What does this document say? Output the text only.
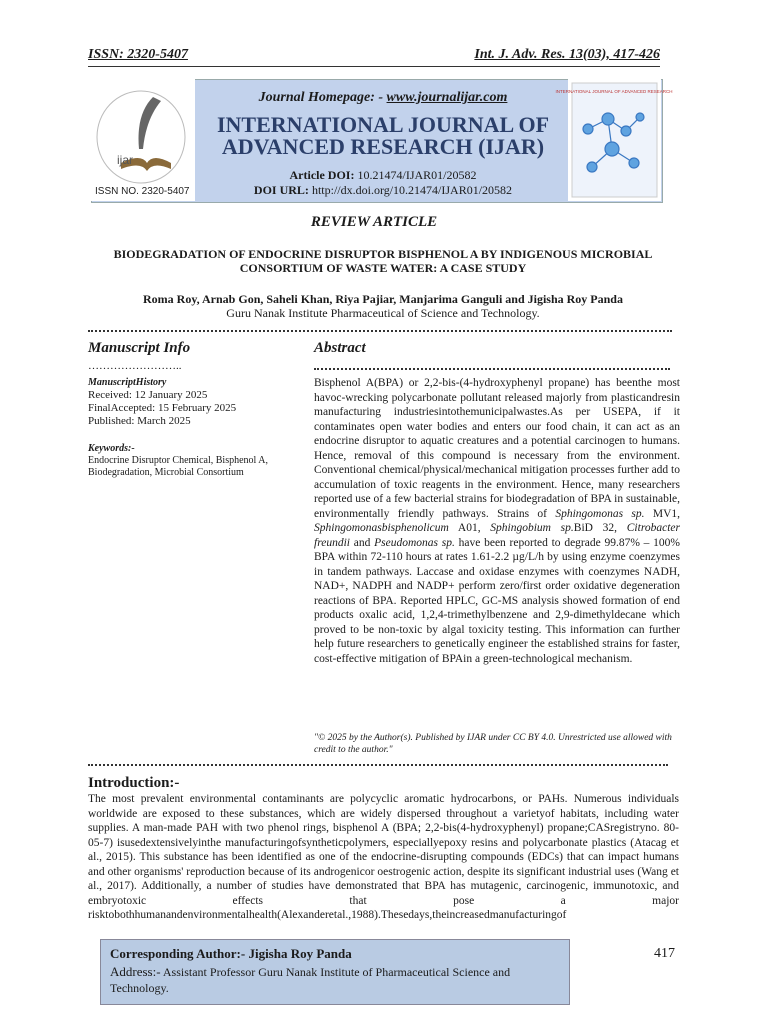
ISSN: 2320-5407	Int. J. Adv. Res. 13(03), 417-426
ijar
ISSN NO. 2320-5407
Journal Homepage: - www.journalijar.com
INTERNATIONAL JOURNAL OF
ADVANCED RESEARCH (IJAR)
Article DOI: 10.21474/IJAR01/20582
DOI URL: http://dx.doi.org/10.21474/IJAR01/20582
INTERNATIONAL JOURNAL OF ADVANCED RESEARCH
REVIEW ARTICLE
BIODEGRADATION OF ENDOCRINE DISRUPTOR BISPHENOL A BY INDIGENOUS MICROBIAL
CONSORTIUM OF WASTE WATER: A CASE STUDY
Roma Roy, Arnab Gon, Saheli Khan, Riya Pajiar, Manjarima Ganguli and Jigisha Roy Panda
Guru Nanak Institute Pharmaceutical of Science and Technology.
Manuscript Info	Abstract
……………………..
ManuscriptHistory
Received: 12 January 2025
FinalAccepted: 15 February 2025
Published: March 2025
Keywords:-
Endocrine Disruptor Chemical, Bisphenol A, Biodegradation, Microbial Consortium
Bisphenol A(BPA) or 2,2-bis-(4-hydroxyphenyl propane) has beenthe most havoc-wrecking polycarbonate pollutant released majorly from plasticandresin manufacturing industriesintothemunicipalwastes.As per USEPA, if it contaminates open water bodies and enters our food chain, it can act as an endocrine disruptor to aquatic creatures and a potential carcinogen to humans. Hence, removal of this compound is necessary from the environment. Conventional chemical/physical/mechanical mitigation processes further add to accumulation of toxic reagents in the environment. Hence, many researchers reported use of a few bacterial strains for biodegradation of BPA in sustainable, environmentally friendly pathways. Strains of Sphingomonas sp. MV1, Sphingomonasbisphenolicum A01, Sphingobium sp.BiD 32, Citrobacter freundii and Pseudomonas sp. have been reported to degrade 99.87% – 100% BPA within 72-110 hours at rates 1.61-2.2 µg/L/h by using enzyme coenzymes in tandem pathways. Laccase and oxidase enzymes with coenzymes NADH, NAD+, NADPH and NADP+ perform zero/first order oxidative degeneration reactions of BPA. Reported HPLC, GC-MS analysis showed formation of end products oxalic acid, 1,2,4-trimethylbenzene and 2,9-dimethyldecane which proved to be non-toxic by algal toxicity testing. This information can further help future researchers to genetically engineer the established strains for faster, cost-effective mitigation of BPAin a green-technological mechanism.
"© 2025 by the Author(s). Published by IJAR under CC BY 4.0. Unrestricted use allowed with credit to the author."
Introduction:-
The most prevalent environmental contaminants are polycyclic aromatic hydrocarbons, or PAHs. Numerous individuals worldwide are exposed to these substances, which are widely dispersed throughout a varietyof habitats, including water supplies. A man-made PAH with two phenol rings, bisphenol A (BPA; 2,2-bis(4-hydroxyphenyl) propane;CASregistryno. 80-05-7) isusedextensivelyinthe manufacturingofsyntheticpolymers, especiallyepoxy resins and polycarbonate plastics (Atacag et al., 2015). This substance has been identified as one of the endocrine-disrupting compounds (EDCs) that can impact humans and other organisms' reproduction because of its androgenicor oestrogenic action, despite its significant industrial uses (Wang et al., 2017). Additionally, a number of studies have demonstrated that BPA has mutagenic, carcinogenic, immunotoxic, and embryotoxic effects that pose a major risktobothhumanandenvironmentalhealth(Alexanderetal.,1988).Thesedays,theincreasedmanufacturingof
Corresponding Author:- Jigisha Roy Panda
Address:- Assistant Professor Guru Nanak Institute of Pharmaceutical Science and Technology.
417
